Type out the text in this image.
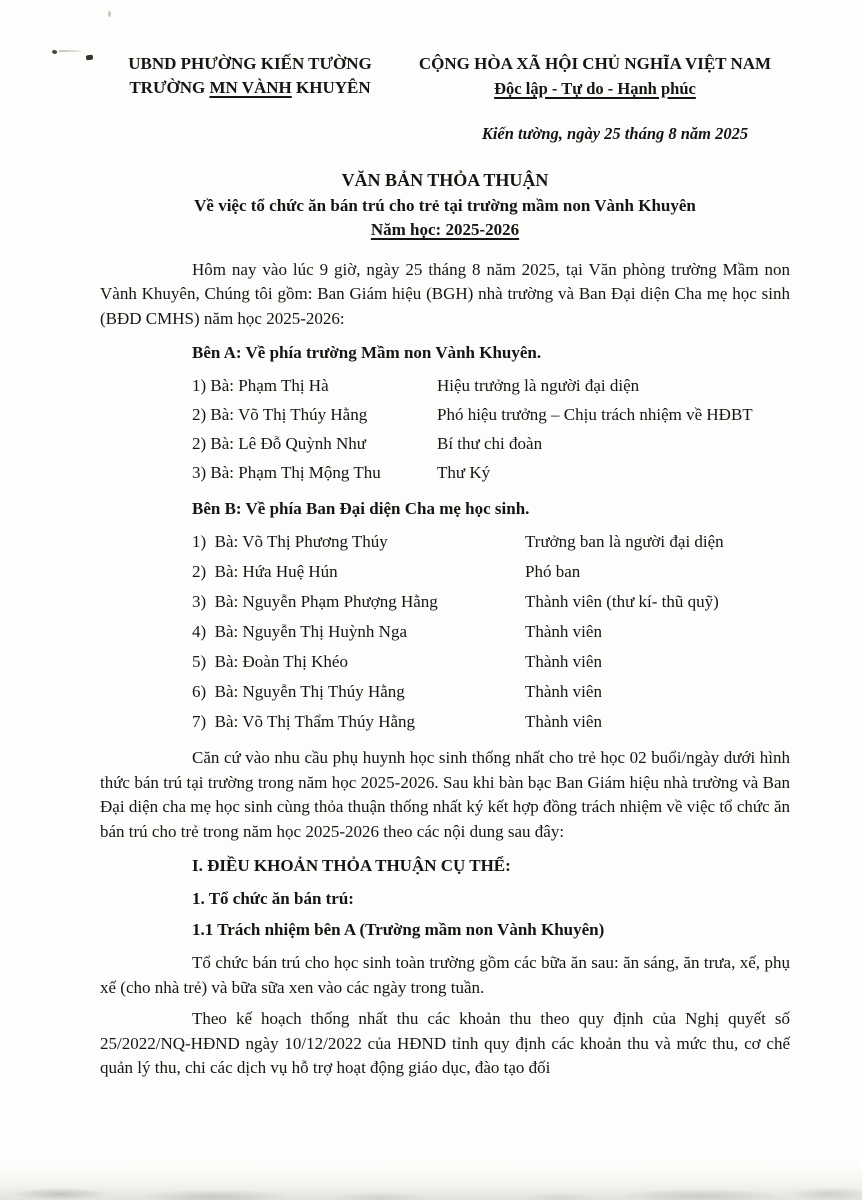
UBND PHƯỜNG KIẾN TƯỜNG
TRƯỜNG MN VÀNH KHUYÊN
CỘNG HÒA XÃ HỘI CHỦ NGHĨA VIỆT NAM
Độc lập - Tự do - Hạnh phúc
Kiến tường, ngày 25 tháng 8 năm 2025
VĂN BẢN THỎA THUẬN
Về việc tổ chức ăn bán trú cho trẻ tại trường mầm non Vành Khuyên
Năm học: 2025-2026

Hôm nay vào lúc 9 giờ, ngày 25 tháng 8 năm 2025, tại Văn phòng trường Mầm non Vành Khuyên, Chúng tôi gồm: Ban Giám hiệu (BGH) nhà trường và Ban Đại diện Cha mẹ học sinh (BĐD CMHS) năm học 2025-2026:

Bên A: Về phía trường Mầm non Vành Khuyên.
1) Bà: Phạm Thị Hà	Hiệu trưởng là người đại diện
2) Bà: Võ Thị Thúy Hằng	Phó hiệu trưởng – Chịu trách nhiệm về HĐBT
2) Bà: Lê Đỗ Quỳnh Như	Bí thư chi đoàn
3) Bà: Phạm Thị Mộng Thu	Thư Ký
Bên B: Về phía Ban Đại diện Cha mẹ học sinh.
1) Bà: Võ Thị Phương Thúy	Trưởng ban là người đại diện
2) Bà: Hứa Huệ Hún	Phó ban
3) Bà: Nguyễn Phạm Phượng Hằng	Thành viên (thư kí- thũ quỹ)
4) Bà: Nguyễn Thị Huỳnh Nga	Thành viên
5) Bà: Đoàn Thị Khéo	Thành viên
6) Bà: Nguyễn Thị Thúy Hằng	Thành viên
7) Bà: Võ Thị Thẩm Thúy Hằng	Thành viên

Căn cứ vào nhu cầu phụ huynh học sinh thống nhất cho trẻ học 02 buổi/ngày dưới hình thức bán trú tại trường trong năm học 2025-2026. Sau khi bàn bạc Ban Giám hiệu nhà trường và Ban Đại diện cha mẹ học sinh cùng thỏa thuận thống nhất ký kết hợp đồng trách nhiệm về việc tổ chức ăn bán trú cho trẻ trong năm học 2025-2026 theo các nội dung sau đây:

I. ĐIỀU KHOẢN THỎA THUẬN CỤ THỂ:
1. Tổ chức ăn bán trú:
1.1 Trách nhiệm bên A (Trường mầm non Vành Khuyên)

Tổ chức bán trú cho học sinh toàn trường gồm các bữa ăn sau: ăn sáng, ăn trưa, xế, phụ xế (cho nhà trẻ) và bữa sữa xen vào các ngày trong tuần.

Theo kế hoạch thống nhất thu các khoản thu theo quy định của Nghị quyết số 25/2022/NQ-HĐND ngày 10/12/2022 của HĐND tỉnh quy định các khoản thu và mức thu, cơ chế quản lý thu, chi các dịch vụ hỗ trợ hoạt động giáo dục, đào tạo đối
